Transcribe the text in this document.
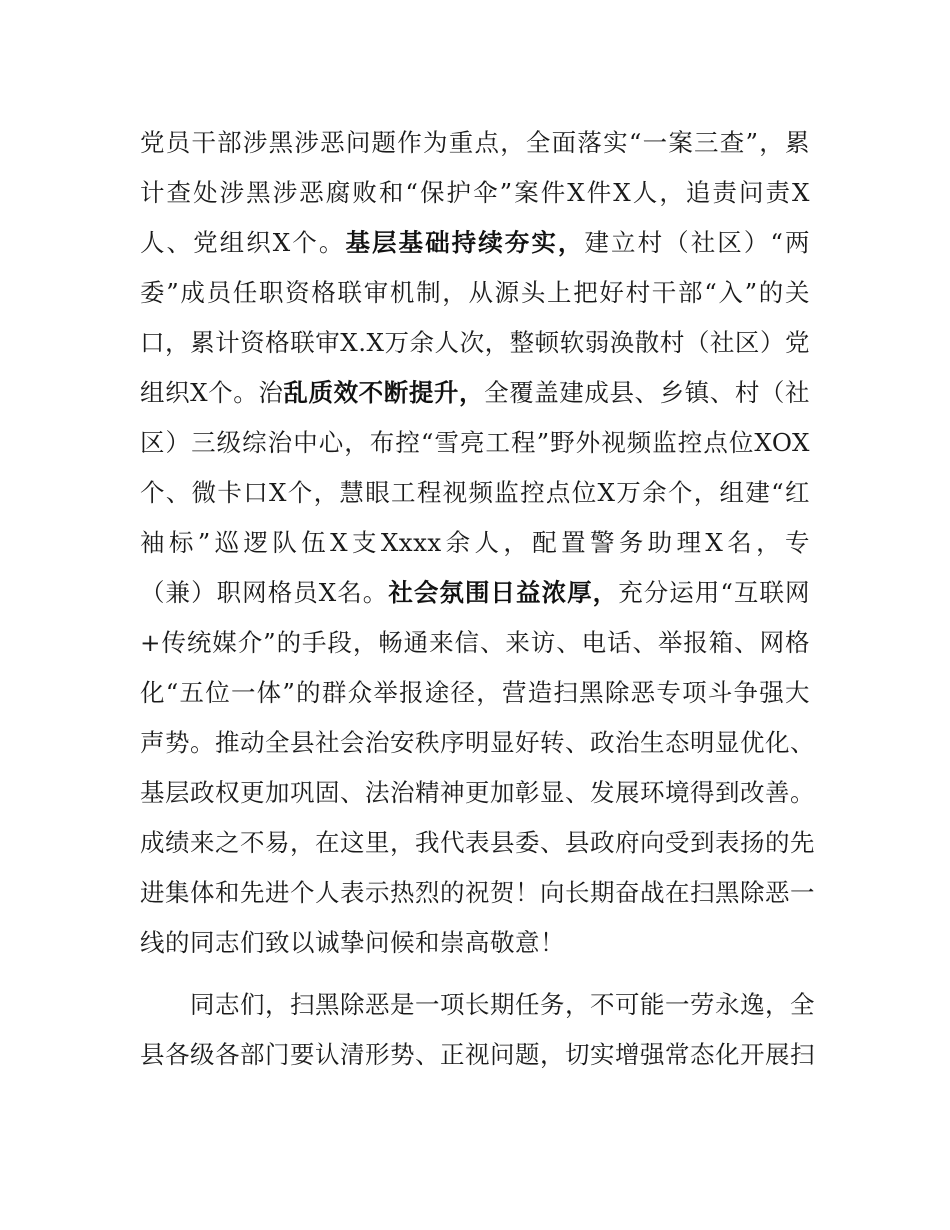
党员干部涉黑涉恶问题作为重点，全面落实“一案三查”，累
计查处涉黑涉恶腐败和“保护伞”案件X件X人，追责问责X
人、党组织X个。基层基础持续夯实，建立村（社区）“两
委”成员任职资格联审机制，从源头上把好村干部“入”的关
口，累计资格联审X.X万余人次，整顿软弱涣散村（社区）党
组织X个。治乱质效不断提升，全覆盖建成县、乡镇、村（社
区）三级综治中心，布控“雪亮工程”野外视频监控点位XOX
个、微卡口X个，慧眼工程视频监控点位X万余个，组建“红
袖标”巡逻队伍X支Xxxx余人，配置警务助理X名，专
（兼）职网格员X名。社会氛围日益浓厚，充分运用“互联网
+传统媒介”的手段，畅通来信、来访、电话、举报箱、网格
化“五位一体”的群众举报途径，营造扫黑除恶专项斗争强大
声势。推动全县社会治安秩序明显好转、政治生态明显优化、
基层政权更加巩固、法治精神更加彰显、发展环境得到改善。
成绩来之不易，在这里，我代表县委、县政府向受到表扬的先
进集体和先进个人表示热烈的祝贺！向长期奋战在扫黑除恶一
线的同志们致以诚挚问候和崇高敬意！
同志们，扫黑除恶是一项长期任务，不可能一劳永逸，全
县各级各部门要认清形势、正视问题，切实增强常态化开展扫
